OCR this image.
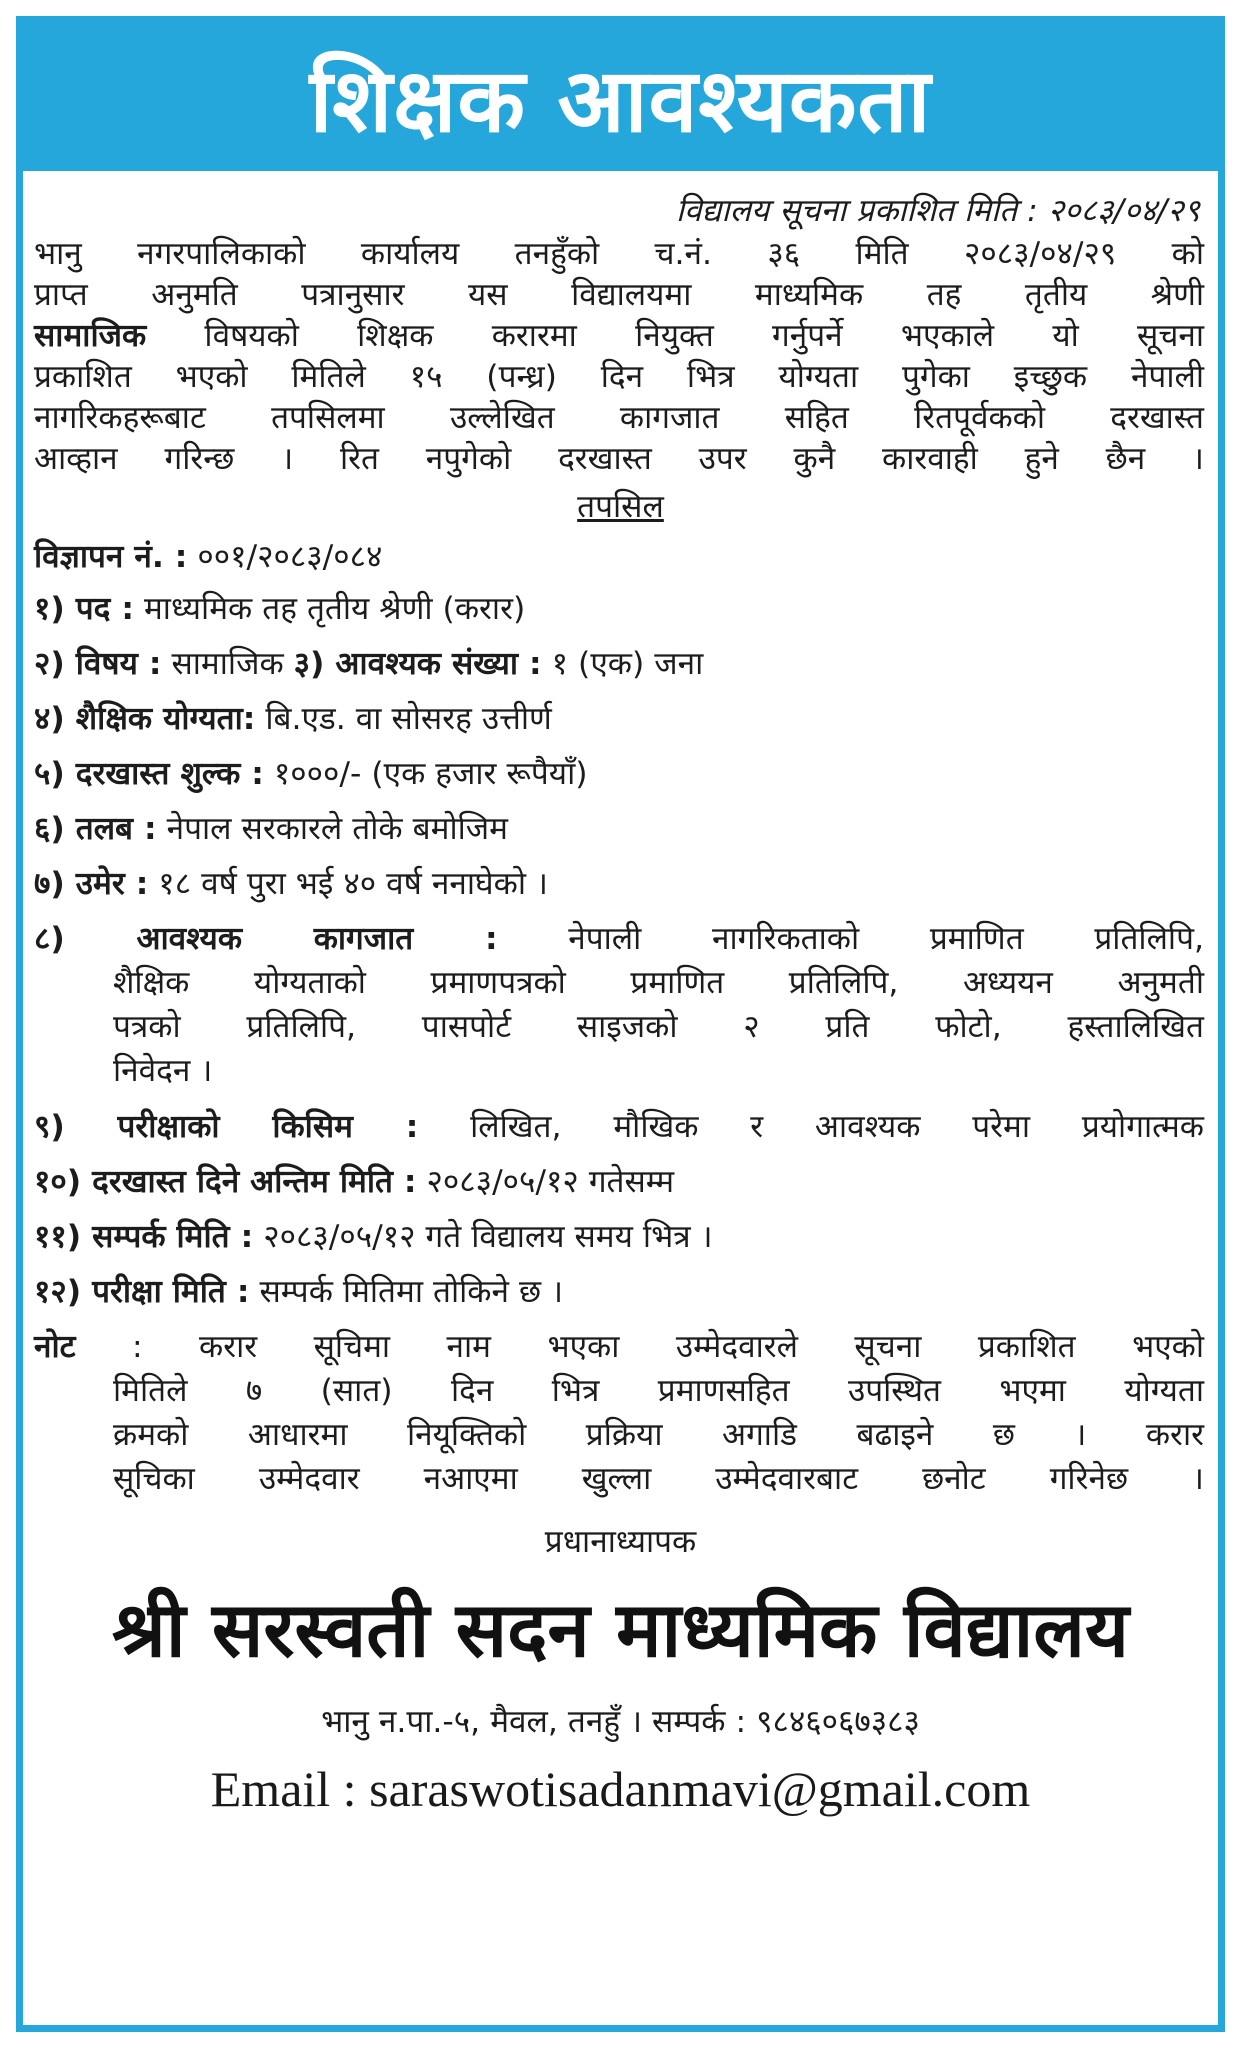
शिक्षक आवश्यकता
विद्यालय सूचना प्रकाशित मिति : २०८३/०४/२९
भानु नगरपालिकाको कार्यालय तनहुँको च.नं. ३६ मिति २०८३/०४/२९ को
प्राप्त अनुमति पत्रानुसार यस विद्यालयमा माध्यमिक तह तृतीय श्रेणी
सामाजिक विषयको शिक्षक करारमा नियुक्त गर्नुपर्ने भएकाले यो सूचना
प्रकाशित भएको मितिले १५ (पन्ध्र) दिन भित्र योग्यता पुगेका इच्छुक नेपाली
नागरिकहरूबाट तपसिलमा उल्लेखित कागजात सहित रितपूर्वकको दरखास्त
आव्हान गरिन्छ । रित नपुगेको दरखास्त उपर कुनै कारवाही हुने छैन ।
तपसिल
विज्ञापन नं. : ००१/२०८३/०८४
१) पद : माध्यमिक तह तृतीय श्रेणी (करार)
२) विषय : सामाजिक ३) आवश्यक संख्या : १ (एक) जना
४) शैक्षिक योग्यता: बि.एड. वा सोसरह उत्तीर्ण
५) दरखास्त शुल्क : १०००/- (एक हजार रूपैयाँ)
६) तलब : नेपाल सरकारले तोके बमोजिम
७) उमेर : १८ वर्ष पुरा भई ४० वर्ष ननाघेको ।
८) आवश्यक कागजात : नेपाली नागरिकताको प्रमाणित प्रतिलिपि,
शैक्षिक योग्यताको प्रमाणपत्रको प्रमाणित प्रतिलिपि, अध्ययन अनुमती
पत्रको प्रतिलिपि, पासपोर्ट साइजको २ प्रति फोटो, हस्तालिखित
निवेदन ।
९) परीक्षाको किसिम : लिखित, मौखिक र आवश्यक परेमा प्रयोगात्मक
१०) दरखास्त दिने अन्तिम मिति : २०८३/०५/१२ गतेसम्म
११) सम्पर्क मिति : २०८३/०५/१२ गते विद्यालय समय भित्र ।
१२) परीक्षा मिति : सम्पर्क मितिमा तोकिने छ ।
नोट : करार सूचिमा नाम भएका उम्मेदवारले सूचना प्रकाशित भएको
मितिले ७ (सात) दिन भित्र प्रमाणसहित उपस्थित भएमा योग्यता
क्रमको आधारमा नियूक्तिको प्रक्रिया अगाडि बढाइने छ । करार
सूचिका उम्मेदवार नआएमा खुल्ला उम्मेदवारबाट छनोट गरिनेछ ।
प्रधानाध्यापक
श्री सरस्वती सदन माध्यमिक विद्यालय
भानु न.पा.-५, मैवल, तनहुँ । सम्पर्क : ९८४६०६७३८३
Email : saraswotisadanmavi@gmail.com
